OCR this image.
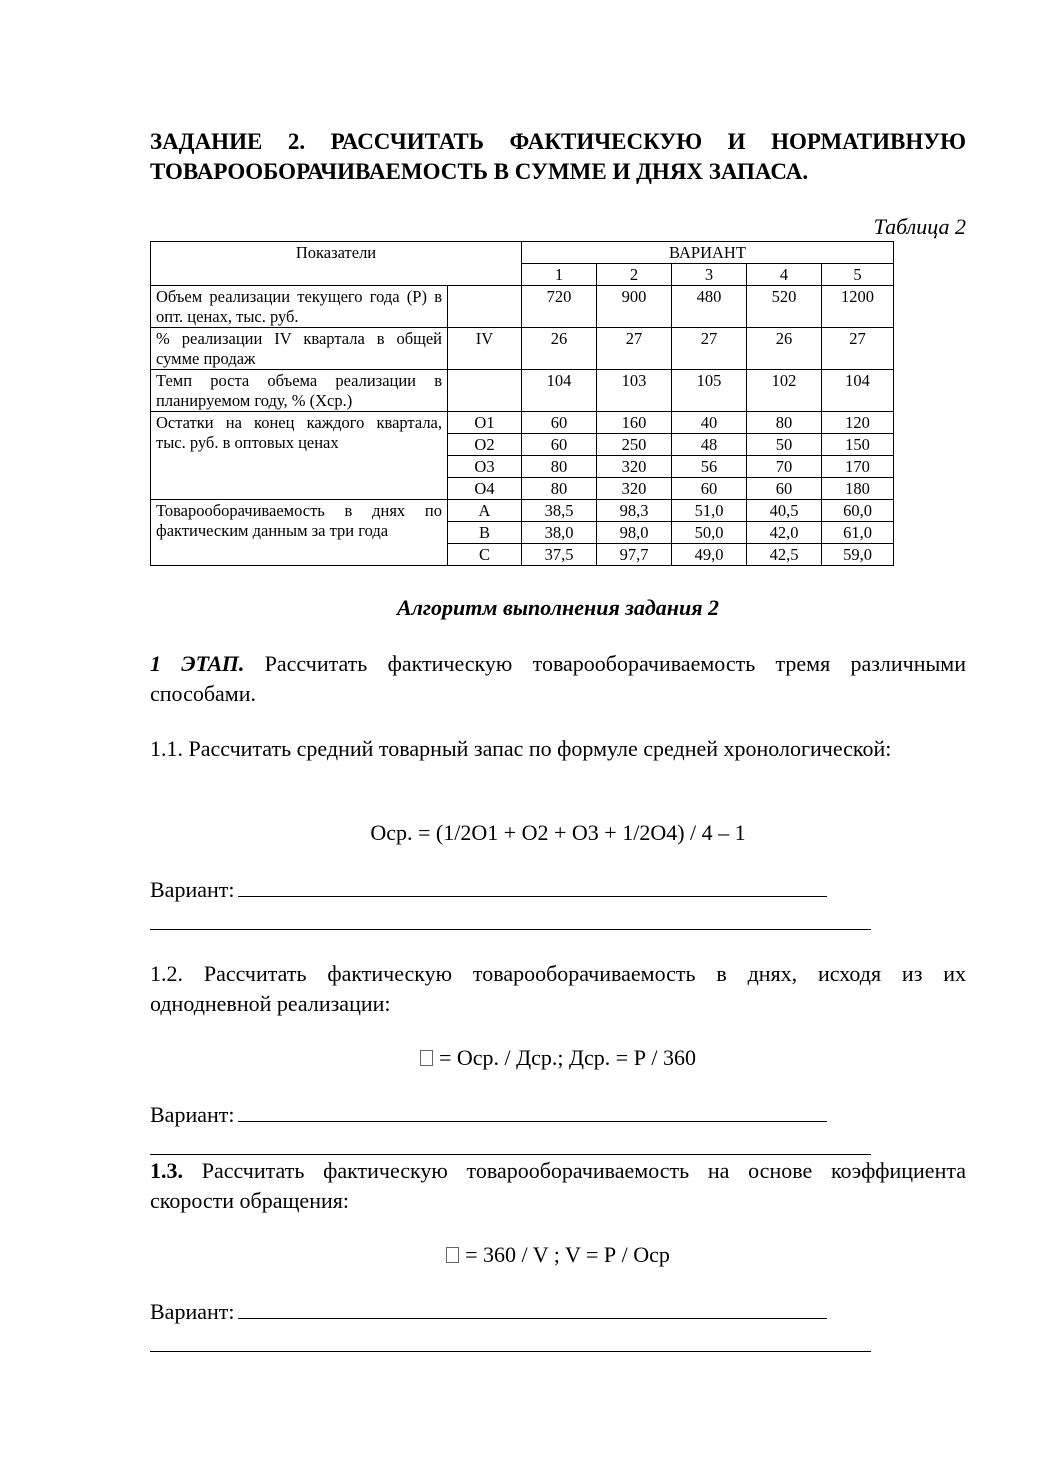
ЗАДАНИЕ 2. РАССЧИТАТЬ ФАКТИЧЕСКУЮ И НОРМАТИВНУЮ ТОВАРООБОРАЧИВАЕМОСТЬ В СУММЕ И ДНЯХ ЗАПАСА.
Таблица 2
Показатели		ВАРИАНТ				
		1	2	3	4	5
Объем реализации текущего года (Р) в опт. ценах, тыс. руб.		720	900	480	520	1200
% реализации IV квартала в общей сумме продаж	IV	26	27	27	26	27
Темп роста объема реализации в планируемом году, % (Хср.)		104	103	105	102	104
Остатки на конец каждого квартала, тыс. руб. в оптовых ценах	О1	60	160	40	80	120
	О2	60	250	48	50	150
	О3	80	320	56	70	170
	О4	80	320	60	60	180
Товарооборачиваемость в днях по фактическим данным за три года	А	38,5	98,3	51,0	40,5	60,0
	В	38,0	98,0	50,0	42,0	61,0
	С	37,5	97,7	49,0	42,5	59,0
Алгоритм выполнения задания 2

1 ЭТАП. Рассчитать фактическую товарооборачиваемость тремя различными способами.

1.1. Рассчитать средний товарный запас по формуле средней хронологической:

Оср. = (1/2О1 + О2 + О3 + 1/2О4) / 4 – 1
Вариант:

1.2. Рассчитать фактическую товарооборачиваемость в днях, исходя из их однодневной реализации:

= Оср. / Дср.; Дср. = Р / 360
Вариант:

1.3. Рассчитать фактическую товарооборачиваемость на основе коэффициента скорости обращения:

= 360 / V ; V = Р / Оср
Вариант:
